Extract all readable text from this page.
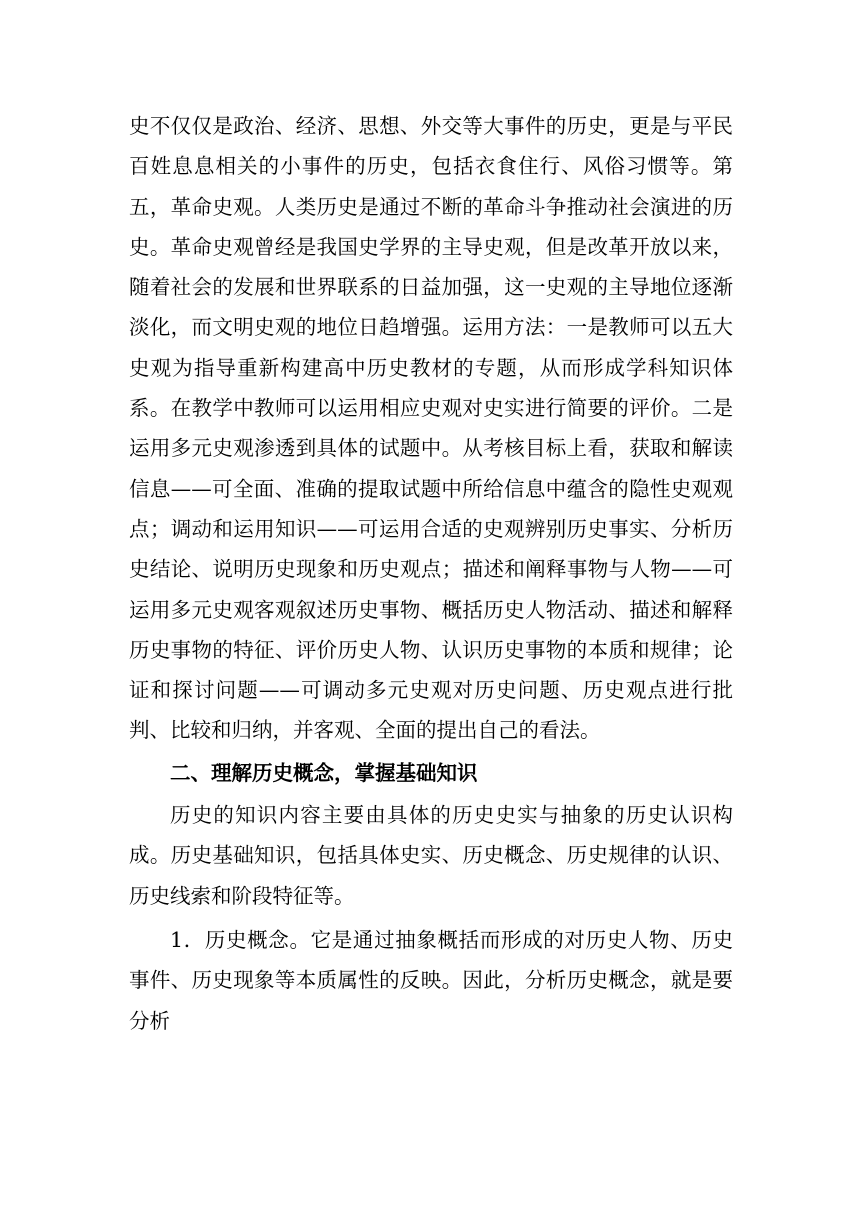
史不仅仅是政治、经济、思想、外交等大事件的历史，更是与平民百姓息息相关的小事件的历史，包括衣食住行、风俗习惯等。第五，革命史观。人类历史是通过不断的革命斗争推动社会演进的历史。革命史观曾经是我国史学界的主导史观，但是改革开放以来，随着社会的发展和世界联系的日益加强，这一史观的主导地位逐渐淡化，而文明史观的地位日趋增强。运用方法：一是教师可以五大史观为指导重新构建高中历史教材的专题，从而形成学科知识体系。在教学中教师可以运用相应史观对史实进行简要的评价。二是运用多元史观渗透到具体的试题中。从考核目标上看，获取和解读信息——可全面、准确的提取试题中所给信息中蕴含的隐性史观观点；调动和运用知识——可运用合适的史观辨别历史事实、分析历史结论、说明历史现象和历史观点；描述和阐释事物与人物——可运用多元史观客观叙述历史事物、概括历史人物活动、描述和解释历史事物的特征、评价历史人物、认识历史事物的本质和规律；论证和探讨问题——可调动多元史观对历史问题、历史观点进行批判、比较和归纳，并客观、全面的提出自己的看法。

二、理解历史概念，掌握基础知识

历史的知识内容主要由具体的历史史实与抽象的历史认识构成。历史基础知识，包括具体史实、历史概念、历史规律的认识、历史线索和阶段特征等。

1．历史概念。它是通过抽象概括而形成的对历史人物、历史事件、历史现象等本质属性的反映。因此，分析历史概念，就是要分析
